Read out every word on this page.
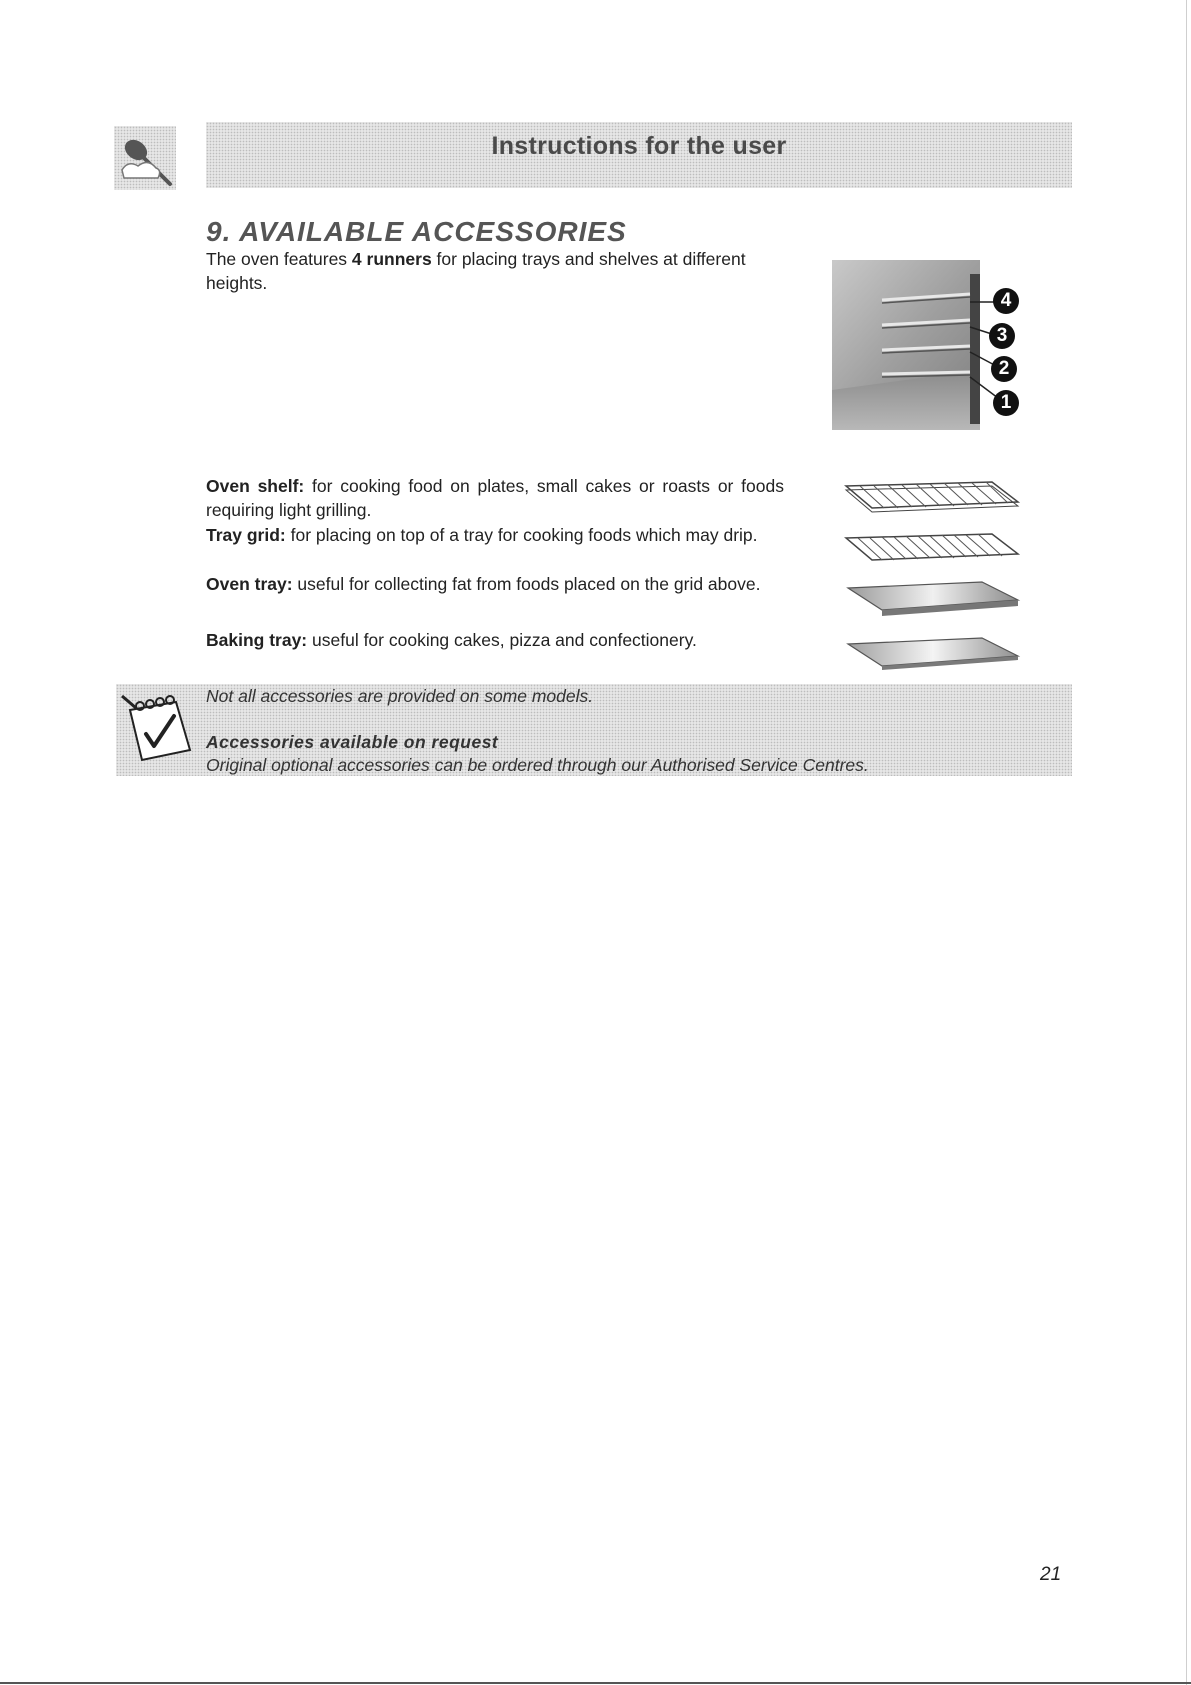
Instructions for the user
9. AVAILABLE ACCESSORIES
The oven features 4 runners for placing trays and shelves at different heights.
4
3
2
1
Oven shelf: for cooking food on plates, small cakes or roasts or foods requiring light grilling.
Tray grid: for placing on top of a tray for cooking foods which may drip.
Oven tray: useful for collecting fat from foods placed on the grid above.
Baking tray: useful for cooking cakes, pizza and confectionery.
Not all accessories are provided on some models.
Accessories available on request
Original optional accessories can be ordered through our Authorised Service Centres.
21
